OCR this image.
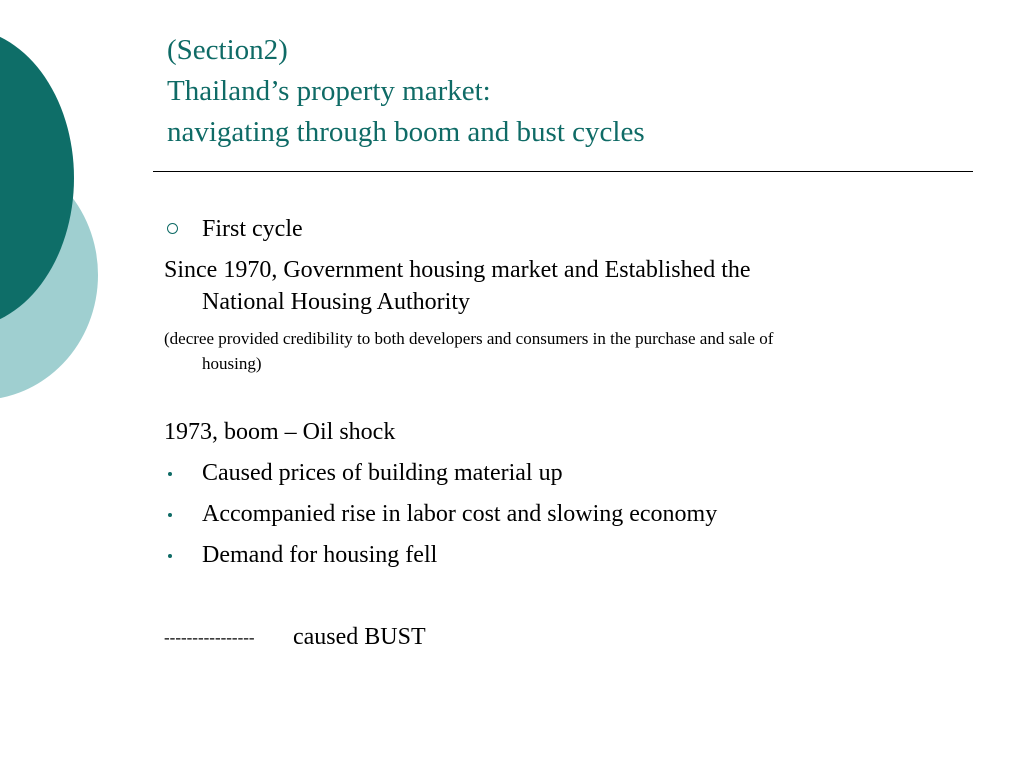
(Section2)
Thailand’s property market:
navigating through boom and bust cycles
First cycle
Since 1970, Government housing market and Established the
National Housing Authority
(decree provided credibility to both developers and consumers in the purchase and sale of
housing)
1973, boom – Oil shock
Caused prices of building material up
Accompanied rise in labor cost and slowing economy
Demand for housing fell
---------------- caused BUST
